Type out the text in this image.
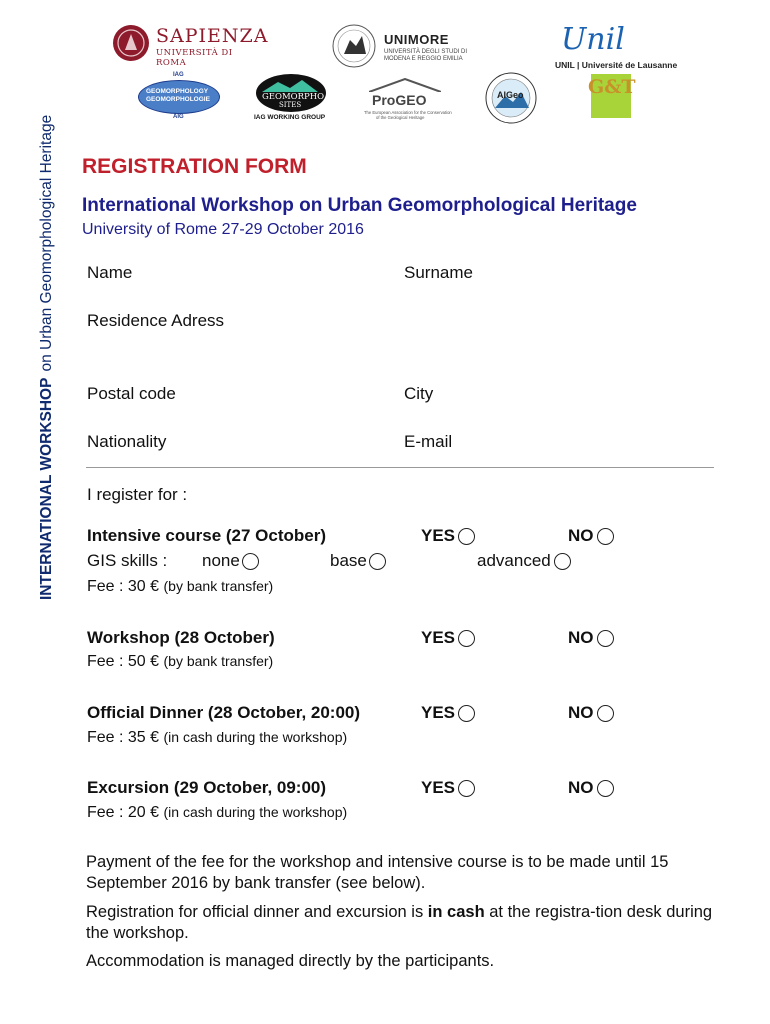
INTERNATIONAL WORKSHOPon Urban Geomorphological Heritage
SAPIENZA
UNIVERSITÀ DI ROMA
UNIMORE
UNIVERSITÀ DEGLI STUDI DI
MODENA E REGGIO EMILIA
Unil
UNIL | Université de Lausanne
IAG
GEOMORPHOLOGY
GEOMORPHOLOGIE
AIG
GEOMORPHO
SITES
IAG WORKING GROUP
ProGEO
The European Association for the Conservation
of the Geological Heritage
AIGeo	G&T
REGISTRATION FORM
International Workshop on Urban Geomorphological Heritage
University of Rome 27-29 October 2016
Name	Surname
Residence Adress
Postal code	City
Nationality	E-mail
I register for :
Intensive course (27 October)	YES	NO
GIS skills : none	base	advanced
Fee : 30 € (by bank transfer)
Workshop (28 October)	YES	NO
Fee : 50 € (by bank transfer)
Official Dinner (28 October, 20:00)	YES	NO
Fee : 35 € (in cash during the workshop)
Excursion (29 October, 09:00)	YES	NO
Fee : 20 € (in cash during the workshop)
Payment of the fee for the workshop and intensive course is to be made until 15 September 2016 by bank transfer (see below).
Registration for official dinner and excursion is in cash at the registra-tion desk during the workshop.
Accommodation is managed directly by the participants.
